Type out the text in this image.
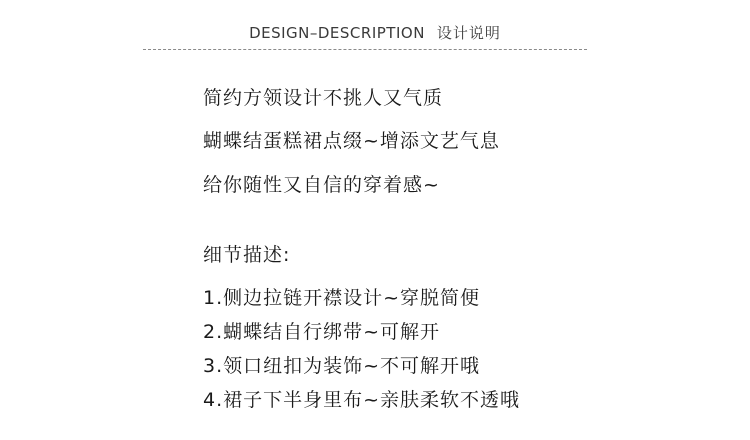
DESIGN–DESCRIPTION 设计说明
简约方领设计不挑人又气质
蝴蝶结蛋糕裙点缀~增添文艺气息
给你随性又自信的穿着感~
细节描述:
1.侧边拉链开襟设计~穿脱简便
2.蝴蝶结自行绑带~可解开
3.领口纽扣为装饰~不可解开哦
4.裙子下半身里布~亲肤柔软不透哦
